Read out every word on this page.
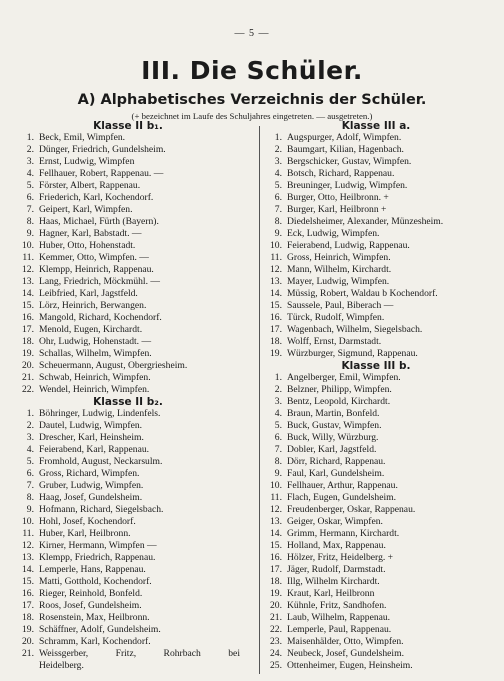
— 5 —
III. Die Schüler.
A) Alphabetisches Verzeichnis der Schüler.
(+ bezeichnet im Laufe des Schuljahres eingetreten. — ausgetreten.)
Klasse II b₁.
1. Beck, Emil, Wimpfen.
2. Dünger, Friedrich, Gundelsheim.
3. Ernst, Ludwig, Wimpfen
4. Fellhauer, Robert, Rappenau. —
5. Förster, Albert, Rappenau.
6. Friederich, Karl, Kochendorf.
7. Geipert, Karl, Wimpfen.
8. Haas, Michael, Fürth (Bayern).
9. Hagner, Karl, Babstadt. —
10. Huber, Otto, Hohenstadt.
11. Kemmer, Otto, Wimpfen. —
12. Klempp, Heinrich, Rappenau.
13. Lang, Friedrich, Möckmühl. —
14. Leibfried, Karl, Jagstfeld.
15. Lörz, Heinrich, Berwangen.
16. Mangold, Richard, Kochendorf.
17. Menold, Eugen, Kirchardt.
18. Ohr, Ludwig, Hohenstadt. —
19. Schallas, Wilhelm, Wimpfen.
20. Scheuermann, August, Obergriesheim.
21. Schwab, Heinrich, Wimpfen.
22. Wendel, Heinrich, Wimpfen.
Klasse II b₂.
1. Böhringer, Ludwig, Lindenfels.
2. Dautel, Ludwig, Wimpfen.
3. Drescher, Karl, Heinsheim.
4. Feierabend, Karl, Rappenau.
5. Fromhold, August, Neckarsulm.
6. Gross, Richard, Wimpfen.
7. Gruber, Ludwig, Wimpfen.
8. Haag, Josef, Gundelsheim.
9. Hofmann, Richard, Siegelsbach.
10. Hohl, Josef, Kochendorf.
11. Huber, Karl, Heilbronn.
12. Kirner, Hermann, Wimpfen —
13. Klempp, Friedrich, Rappenau.
14. Lemperle, Hans, Rappenau.
15. Matti, Gotthold, Kochendorf.
16. Rieger, Reinhold, Bonfeld.
17. Roos, Josef, Gundelsheim.
18. Rosenstein, Max, Heilbronn.
19. Schäffner, Adolf, Gundelsheim.
20. Schramm, Karl, Kochendorf.
21. Weissgerber, Fritz, Rohrbach bei
Heidelberg.
Klasse III a.
1. Augspurger, Adolf, Wimpfen.
2. Baumgart, Kilian, Hagenbach.
3. Bergschicker, Gustav, Wimpfen.
4. Botsch, Richard, Rappenau.
5. Breuninger, Ludwig, Wimpfen.
6. Burger, Otto, Heilbronn. +
7. Burger, Karl, Heilbronn +
8. Diedelsheimer, Alexander, Münzesheim.
9. Eck, Ludwig, Wimpfen.
10. Feierabend, Ludwig, Rappenau.
11. Gross, Heinrich, Wimpfen.
12. Mann, Wilhelm, Kirchardt.
13. Mayer, Ludwig, Wimpfen.
14. Müssig, Robert, Waldau b Kochendorf.
15. Saussele, Paul, Biberach —
16. Türck, Rudolf, Wimpfen.
17. Wagenbach, Wilhelm, Siegelsbach.
18. Wolff, Ernst, Darmstadt.
19. Würzburger, Sigmund, Rappenau.
Klasse III b.
1. Angelberger, Emil, Wimpfen.
2. Belzner, Philipp, Wimpfen.
3. Bentz, Leopold, Kirchardt.
4. Braun, Martin, Bonfeld.
5. Buck, Gustav, Wimpfen.
6. Buck, Willy, Würzburg.
7. Dobler, Karl, Jagstfeld.
8. Dörr, Richard, Rappenau.
9. Faul, Karl, Gundelsheim.
10. Fellhauer, Arthur, Rappenau.
11. Flach, Eugen, Gundelsheim.
12. Freudenberger, Oskar, Rappenau.
13. Geiger, Oskar, Wimpfen.
14. Grimm, Hermann, Kirchardt.
15. Holland, Max, Rappenau.
16. Hölzer, Fritz, Heidelberg. +
17. Jäger, Rudolf, Darmstadt.
18. Illg, Wilhelm Kirchardt.
19. Kraut, Karl, Heilbronn
20. Kühnle, Fritz, Sandhofen.
21. Laub, Wilhelm, Rappenau.
22. Lemperle, Paul, Rappenau.
23. Maisenhälder, Otto, Wimpfen.
24. Neubeck, Josef, Gundelsheim.
25. Ottenheimer, Eugen, Heinsheim.
